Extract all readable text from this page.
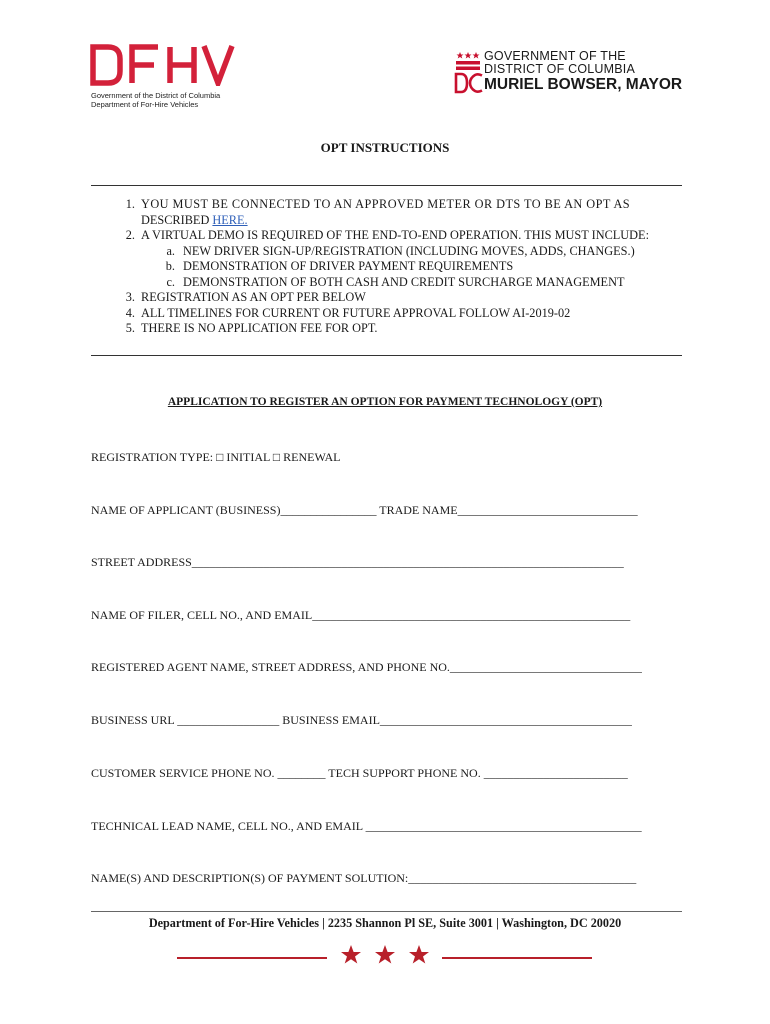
Government of the District of Columbia
Department of For-Hire Vehicles
GOVERNMENT OF THE
DISTRICT OF COLUMBIA
MURIEL BOWSER, MAYOR
OPT INSTRUCTIONS
1. YOU MUST BE CONNECTED TO AN APPROVED METER OR DTS TO BE AN OPT AS
DESCRIBED HERE.
2. A VIRTUAL DEMO IS REQUIRED OF THE END-TO-END OPERATION. THIS MUST INCLUDE:
a. NEW DRIVER SIGN-UP/REGISTRATION (INCLUDING MOVES, ADDS, CHANGES.)
b. DEMONSTRATION OF DRIVER PAYMENT REQUIREMENTS
c. DEMONSTRATION OF BOTH CASH AND CREDIT SURCHARGE MANAGEMENT
3. REGISTRATION AS AN OPT PER BELOW
4. ALL TIMELINES FOR CURRENT OR FUTURE APPROVAL FOLLOW AI-2019-02
5. THERE IS NO APPLICATION FEE FOR OPT.
APPLICATION TO REGISTER AN OPTION FOR PAYMENT TECHNOLOGY (OPT)
REGISTRATION TYPE: □ INITIAL □ RENEWAL
NAME OF APPLICANT (BUSINESS)________________ TRADE NAME______________________________
STREET ADDRESS________________________________________________________________________
NAME OF FILER, CELL NO., AND EMAIL_____________________________________________________
REGISTERED AGENT NAME, STREET ADDRESS, AND PHONE NO.________________________________
BUSINESS URL _________________ BUSINESS EMAIL__________________________________________
CUSTOMER SERVICE PHONE NO. ________ TECH SUPPORT PHONE NO. ________________________
TECHNICAL LEAD NAME, CELL NO., AND EMAIL ______________________________________________
NAME(S) AND DESCRIPTION(S) OF PAYMENT SOLUTION:______________________________________
Department of For-Hire Vehicles | 2235 Shannon Pl SE, Suite 3001 | Washington, DC 20020
